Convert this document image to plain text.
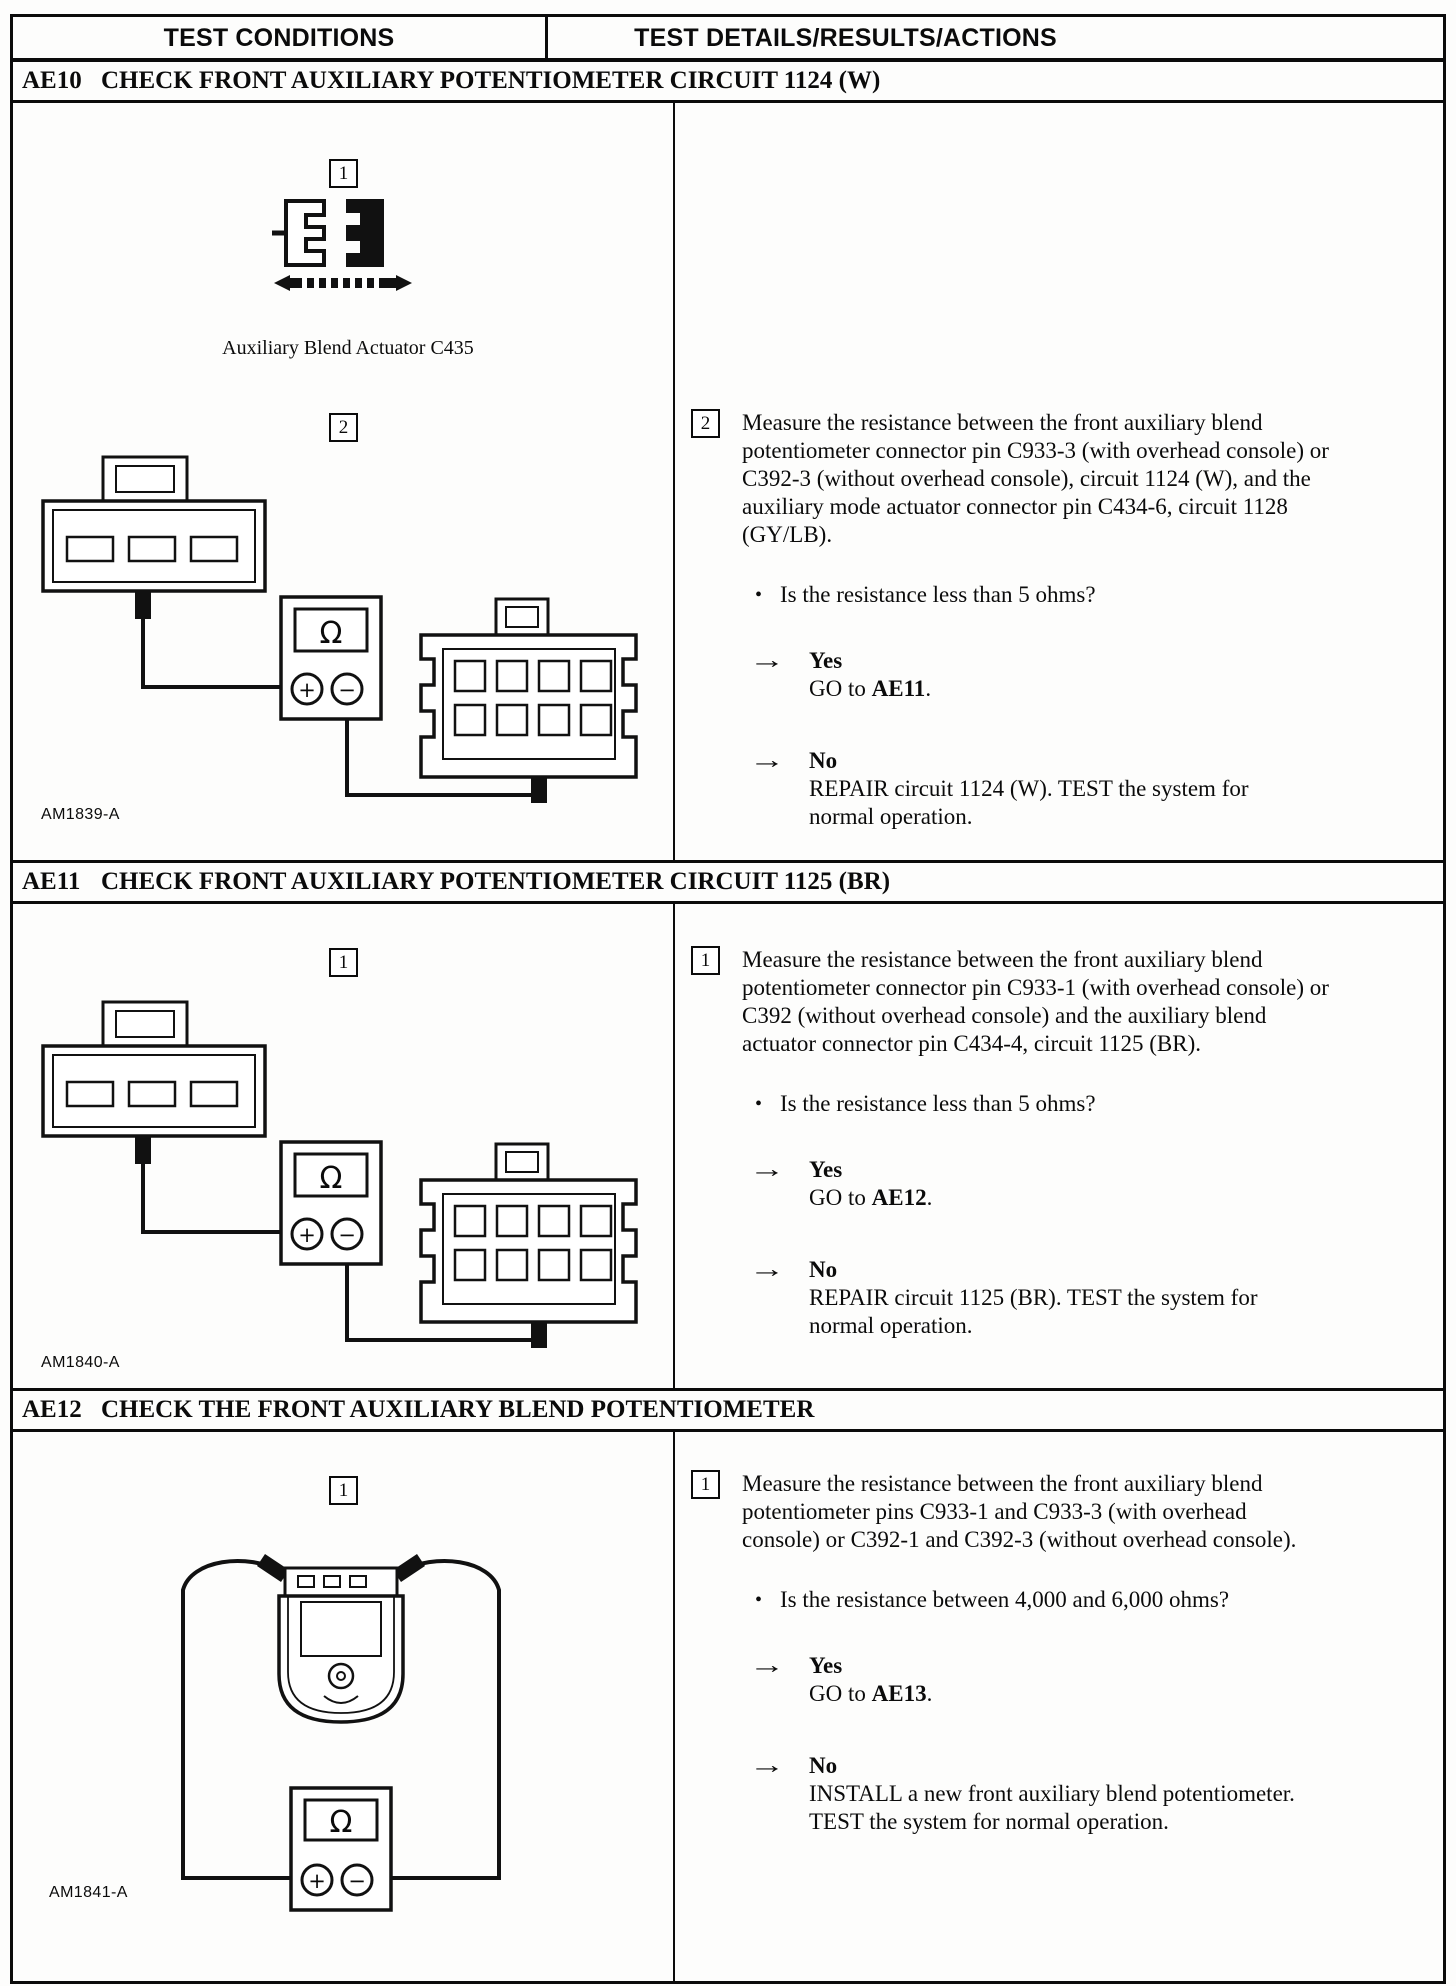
TEST CONDITIONS	TEST DETAILS/RESULTS/ACTIONS
AE10 CHECK FRONT AUXILIARY POTENTIOMETER CIRCUIT 1124 (W)
1
Auxiliary Blend Actuator C435
2
Ω
+ −
AM1839-A
2	Measure the resistance between the front auxiliary blend potentiometer connector pin C933-3 (with overhead console) or C392-3 (without overhead console), circuit 1124 (W), and the auxiliary mode actuator connector pin C434-6, circuit 1128 (GY/LB).

• Is the resistance less than 5 ohms?
→	Yes
GO to AE11.
→	No
REPAIR circuit 1124 (W). TEST the system for normal operation.
AE11 CHECK FRONT AUXILIARY POTENTIOMETER CIRCUIT 1125 (BR)
1
Ω
+ −
AM1840-A
1	Measure the resistance between the front auxiliary blend potentiometer connector pin C933-1 (with overhead console) or C392 (without overhead console) and the auxiliary blend actuator connector pin C434-4, circuit 1125 (BR).

• Is the resistance less than 5 ohms?
→	Yes
GO to AE12.
→	No
REPAIR circuit 1125 (BR). TEST the system for normal operation.
AE12 CHECK THE FRONT AUXILIARY BLEND POTENTIOMETER
1
Ω
+ −
AM1841-A
1	Measure the resistance between the front auxiliary blend potentiometer pins C933-1 and C933-3 (with overhead console) or C392-1 and C392-3 (without overhead console).

• Is the resistance between 4,000 and 6,000 ohms?
→	Yes
GO to AE13.
→	No
INSTALL a new front auxiliary blend potentiometer. TEST the system for normal operation.
